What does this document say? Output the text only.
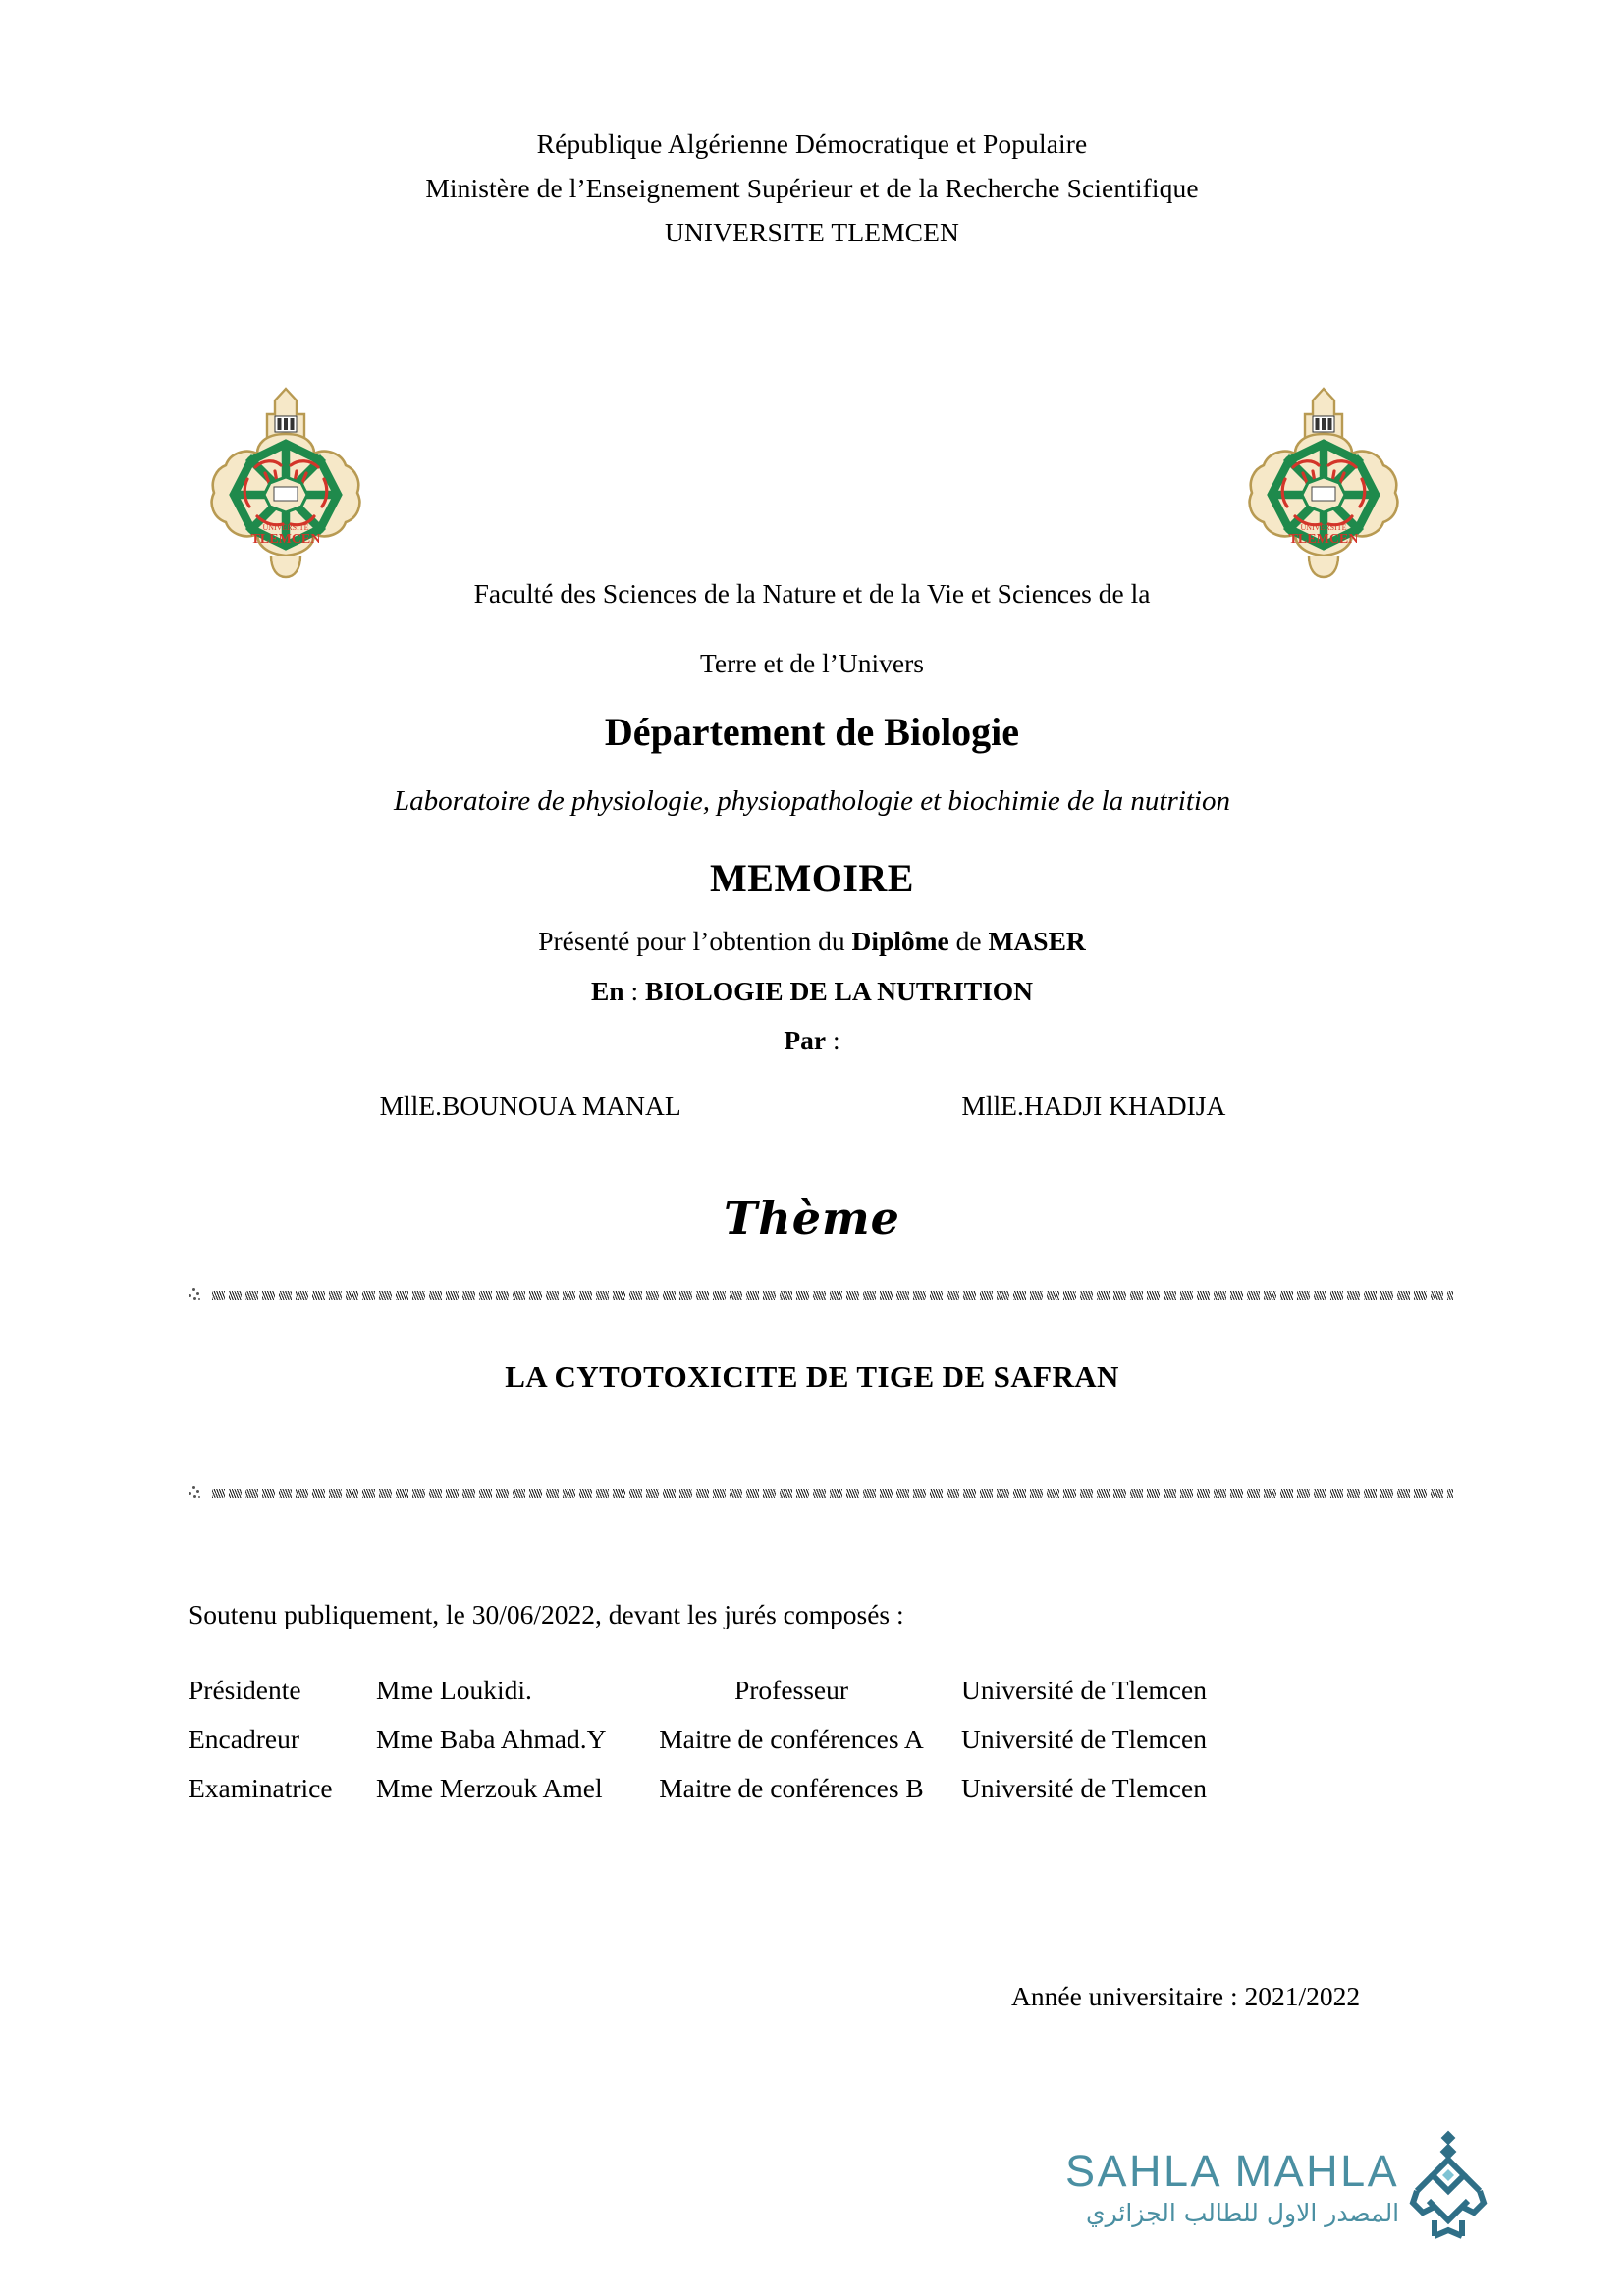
République Algérienne Démocratique et Populaire
Ministère de l’Enseignement Supérieur et de la Recherche Scientifique
UNIVERSITE TLEMCEN
UNIVERSITE
TLEMCEN
UNIVERSITE
TLEMCEN
Faculté des Sciences de la Nature et de la Vie et Sciences de la
Terre et de l’Univers
Département de Biologie
Laboratoire de physiologie, physiopathologie et biochimie de la nutrition
MEMOIRE
Présenté pour l’obtention du Diplôme de MASER
En : BIOLOGIE DE LA NUTRITION
Par :
MllE.BOUNOUA MANAL	MllE.HADJI KHADIJA
Thème
LA CYTOTOXICITE DE TIGE DE SAFRAN
Soutenu publiquement, le 30/06/2022, devant les jurés composés :
Présidente	Mme Loukidi.	Professeur	Université de Tlemcen
Encadreur	Mme Baba Ahmad.Y	Maitre de conférences A	Université de Tlemcen
Examinatrice	Mme Merzouk Amel	Maitre de conférences B	Université de Tlemcen
Année universitaire : 2021/2022
SAHLA MAHLA
المصدر الاول للطالب الجزائري
